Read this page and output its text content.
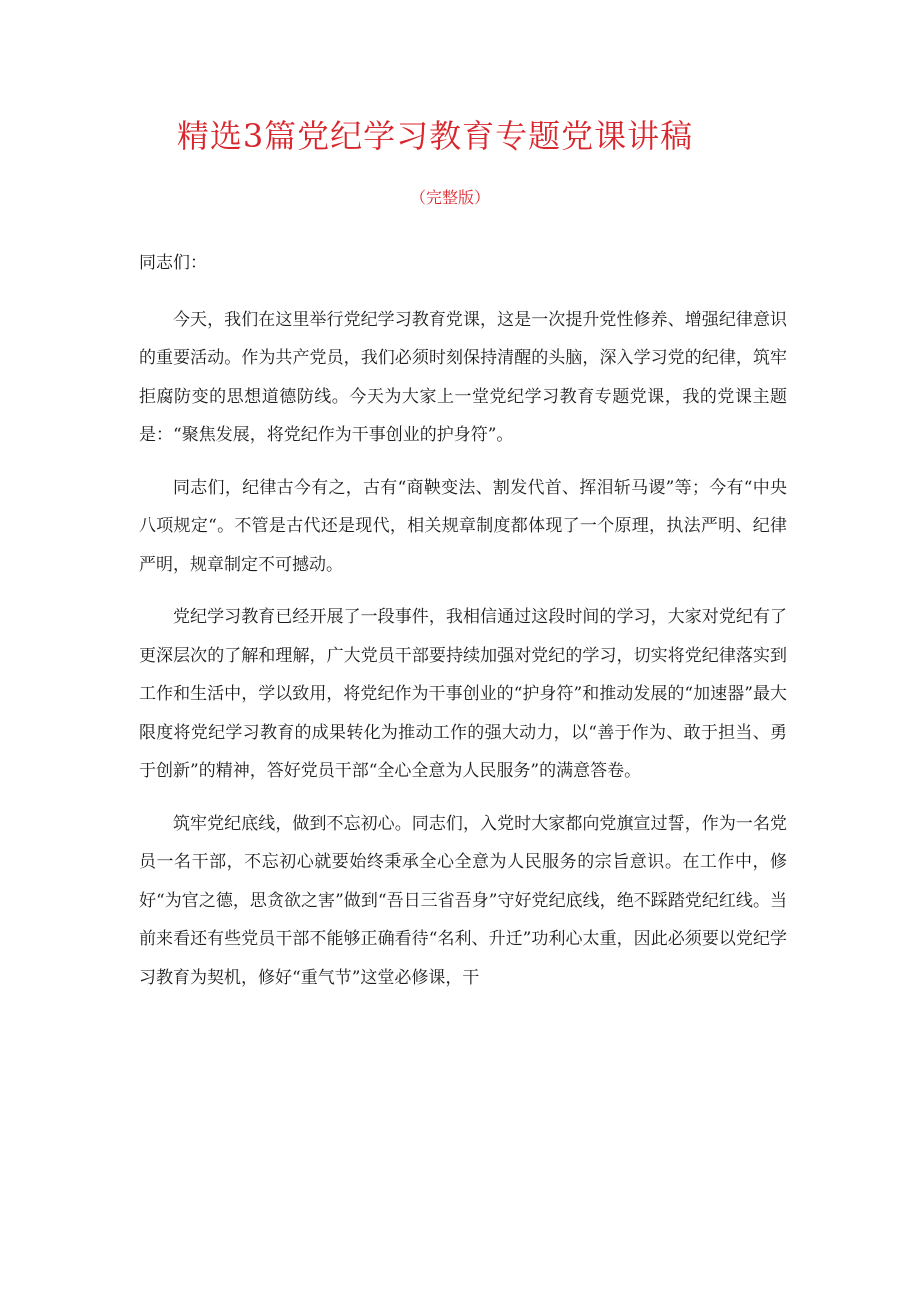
精选3篇党纪学习教育专题党课讲稿
（完整版）

同志们：

今天，我们在这里举行党纪学习教育党课，这是一次提升党性修养、增强纪律意识的重要活动。作为共产党员，我们必须时刻保持清醒的头脑，深入学习党的纪律，筑牢拒腐防变的思想道德防线。今天为大家上一堂党纪学习教育专题党课，我的党课主题是：“聚焦发展，将党纪作为干事创业的护身符”。

同志们，纪律古今有之，古有“商鞅变法、割发代首、挥泪斩马谡”等；今有“中央八项规定“。不管是古代还是现代，相关规章制度都体现了一个原理，执法严明、纪律严明，规章制定不可撼动。

党纪学习教育已经开展了一段事件，我相信通过这段时间的学习，大家对党纪有了更深层次的了解和理解，广大党员干部要持续加强对党纪的学习，切实将党纪律落实到工作和生活中，学以致用，将党纪作为干事创业的“护身符”和推动发展的“加速器”最大限度将党纪学习教育的成果转化为推动工作的强大动力，以“善于作为、敢于担当、勇于创新”的精神，答好党员干部“全心全意为人民服务”的满意答卷。

筑牢党纪底线，做到不忘初心。同志们，入党时大家都向党旗宣过誓，作为一名党员一名干部，不忘初心就要始终秉承全心全意为人民服务的宗旨意识。在工作中，修好“为官之德，思贪欲之害”做到“吾日三省吾身”守好党纪底线，绝不踩踏党纪红线。当前来看还有些党员干部不能够正确看待“名利、升迁”功利心太重，因此必须要以党纪学习教育为契机，修好“重气节”这堂必修课，干
